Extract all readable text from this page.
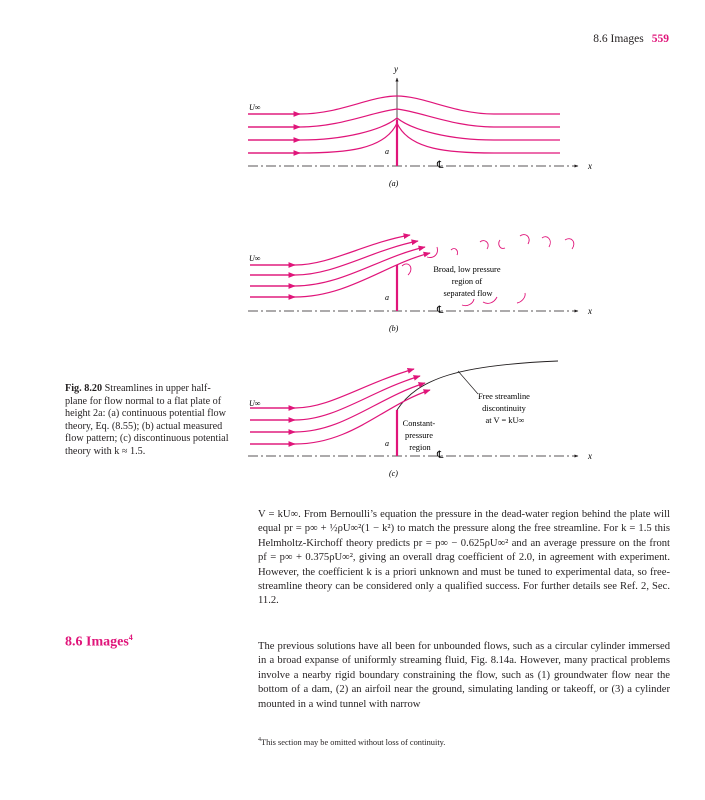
8.6 Images 559
y
x
U∞
a
℄
(a)
x
U∞
a
℄
(b)
Broad, low pressure region of separated flow
x
U∞
a
℄
(c)
Free streamline discontinuity at V = kU∞
Constant- pressure region
Fig. 8.20 Streamlines in upper half-plane for flow normal to a flat plate of height 2a: (a) continuous potential flow theory, Eq. (8.55); (b) actual measured flow pattern; (c) discontinuous potential theory with k ≈ 1.5.
V = kU∞. From Bernoulli’s equation the pressure in the dead-water region behind the plate will equal pr = p∞ + ½ρU∞²(1 − k²) to match the pressure along the free streamline. For k = 1.5 this Helmholtz-Kirchoff theory predicts pr = p∞ − 0.625ρU∞² and an average pressure on the front pf = p∞ + 0.375ρU∞², giving an overall drag coefficient of 2.0, in agreement with experiment. However, the coefficient k is a priori unknown and must be tuned to experimental data, so free-streamline theory can be considered only a qualified success. For further details see Ref. 2, Sec. 11.2.
8.6 Images$^4$
The previous solutions have all been for unbounded flows, such as a circular cylinder immersed in a broad expanse of uniformly streaming fluid, Fig. 8.14a. However, many practical problems involve a nearby rigid boundary constraining the flow, such as (1) groundwater flow near the bottom of a dam, (2) an airfoil near the ground, simulating landing or takeoff, or (3) a cylinder mounted in a wind tunnel with narrow
$^4$This section may be omitted without loss of continuity.
